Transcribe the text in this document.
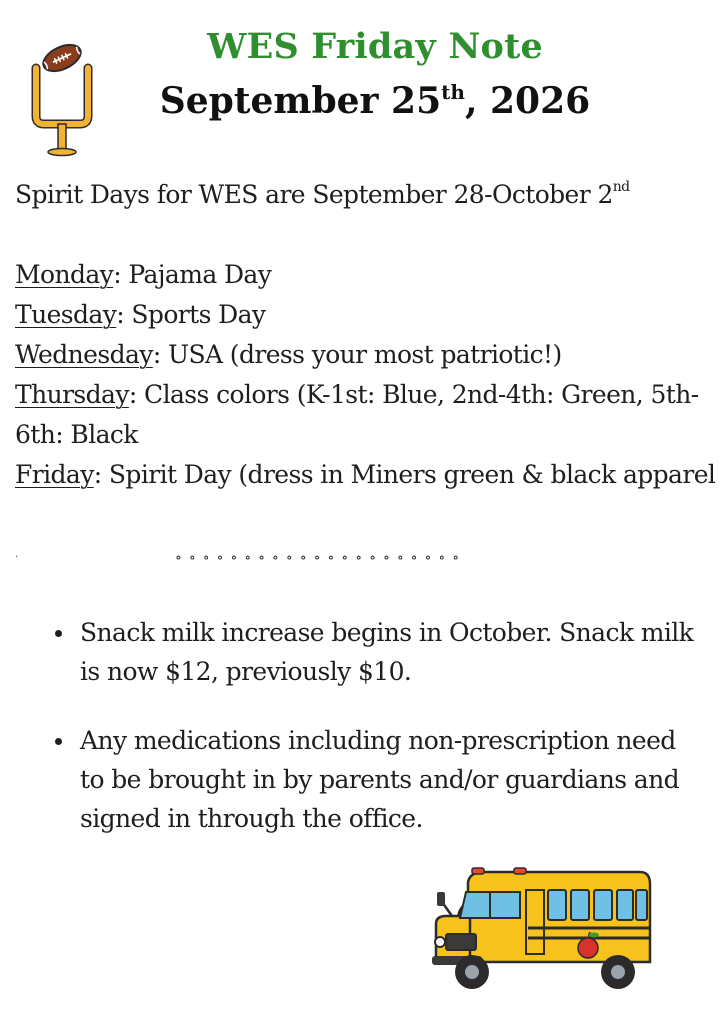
WES Friday Note
September 25th, 2026
Spirit Days for WES are September 28-October 2nd
Monday: Pajama Day
Tuesday: Sports Day
Wednesday: USA (dress your most patriotic!)
Thursday: Class colors (K-1st: Blue, 2nd-4th: Green, 5th-6th: Black
Friday: Spirit Day (dress in Miners green & black apparel
.	∘∘∘∘∘∘∘∘∘∘∘∘∘∘∘∘∘∘∘∘∘
Snack milk increase begins in October. Snack milk is now $12, previously $10.
Any medications including non-prescription need to be brought in by parents and/or guardians and signed in through the office.
